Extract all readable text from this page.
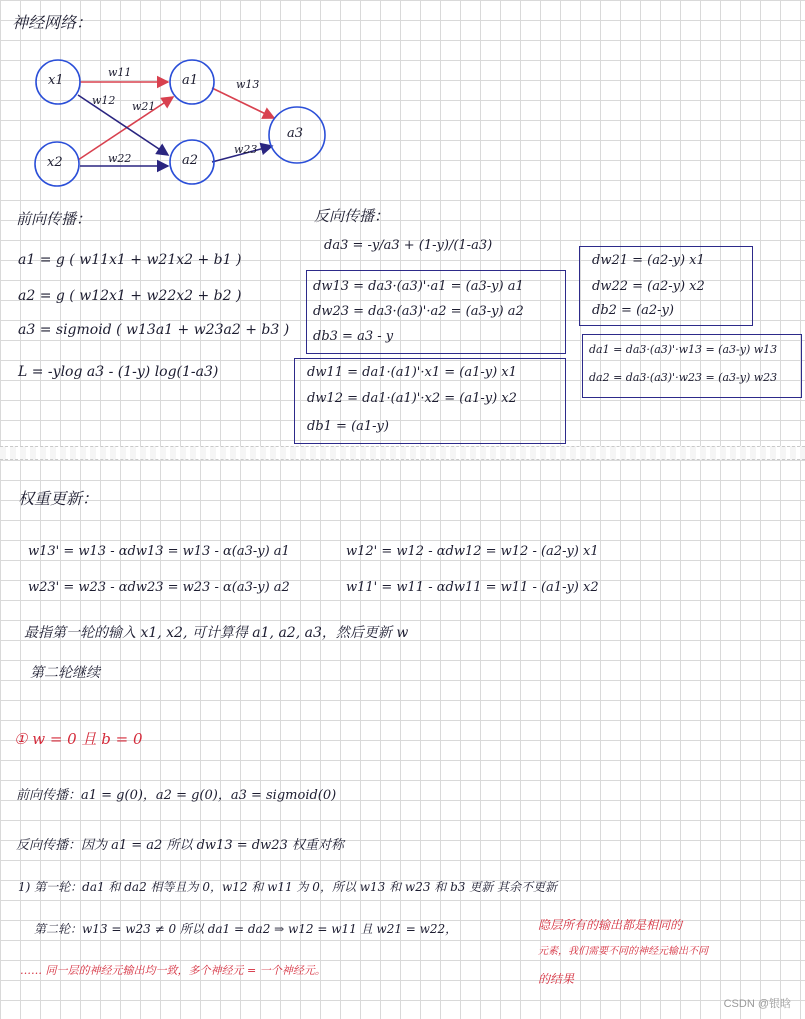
神经网络：
x1
x2
a1
a2
a3
w11
w12 w21
w22
w13
w23
前向传播：
a1 = g ( w11x1 + w21x2 + b1 )
a2 = g ( w12x1 + w22x2 + b2 )
a3 = sigmoid ( w13a1 + w23a2 + b3 )
L = -ylog a3 - (1-y) log(1-a3)
反向传播：
da3 = -y/a3 + (1-y)/(1-a3)
dw13 = da3·(a3)'·a1 = (a3-y) a1
dw23 = da3·(a3)'·a2 = (a3-y) a2
db3 = a3 - y
dw11 = da1·(a1)'·x1 = (a1-y) x1
dw12 = da1·(a1)'·x2 = (a1-y) x2
db1 = (a1-y)
dw21 = (a2-y) x1
dw22 = (a2-y) x2
db2 = (a2-y)
da1 = da3·(a3)'·w13 = (a3-y) w13
da2 = da3·(a3)'·w23 = (a3-y) w23
权重更新：
w13' = w13 - αdw13 = w13 - α(a3-y) a1
w23' = w23 - αdw23 = w23 - α(a3-y) a2
w12' = w12 - αdw12 = w12 - (a2-y) x1
w11' = w11 - αdw11 = w11 - (a1-y) x2
最指第一轮的输入 x1, x2, 可计算得 a1, a2, a3，然后更新 w
第二轮继续
① w = 0 且 b = 0
前向传播：a1 = g(0)，a2 = g(0)，a3 = sigmoid(0)
反向传播：因为 a1 = a2 所以 dw13 = dw23 权重对称
1) 第一轮：da1 和 da2 相等且为 0，w12 和 w11 为 0，所以 w13 和 w23 和 b3 更新 其余不更新
第二轮：w13 = w23 ≠ 0 所以 da1 = da2 ⇒ w12 = w11 且 w21 = w22，	隐层所有的输出都是相同的
元素，我们需要不同的神经元输出不同
的结果
…… 同一层的神经元输出均一致，多个神经元 = 一个神经元。
CSDN @银晗
